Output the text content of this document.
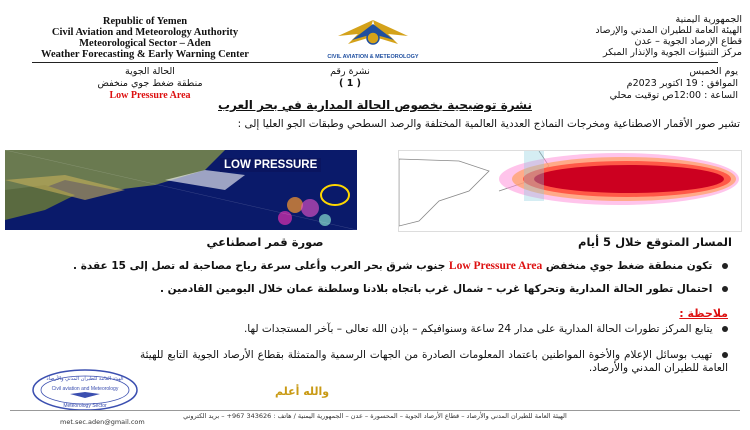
Republic of Yemen
Civil Aviation and Meteorology Authority
Meteorological Sector – Aden
Weather Forecasting & Early Warning Center	CIVIL AVIATION & METEOROLOGY
الجمهورية اليمنية
الهيئة العامة للطيران المدني والإرصاد
قطاع الإرصاد الجوية – عدن
مركز التنبؤات الجوية والإنذار المبكر
يوم الخميس
الموافق : 19 اكتوبر 2023م
الساعة : 12:00ص توقيت محلي
نشرة رقم
( 1 )
الحالة الجوية
منطقة ضغط جوي منخفض
Low Pressure Area
نشرة توضيحية بخصوص الحالة المدارية في بحر العرب
تشير صور الأقمار الاصطناعية ومخرجات النماذج العددية العالمية المختلفة والرصد السطحي وطبقات الجو العليا إلى :
LOW PRESSURE
صورة قمر اصطناعي	المسار المتوقع خلال 5 أيام
تكون منطقة ضغط جوي منخفض Low Pressure Area جنوب شرق بحر العرب وأعلى سرعة رياح مصاحبة له تصل إلى 15 عقدة .
احتمال تطور الحالة المدارية وتحركها غرب – شمال غرب باتجاه بلادنا وسلطنة عمان خلال اليومين القادمين .
ملاحظة :
يتابع المركز تطورات الحالة المدارية على مدار 24 ساعة وسنوافيكم – بإذن الله تعالى – بآخر المستجدات لها.
تهيب بوسائل الإعلام والأخوة المواطنين باعتماد المعلومات الصادرة من الجهات الرسمية والمتمثلة بقطاع الأرصاد الجوية التابع للهيئة العامة للطيران المدني والأرصاد.
الهيئة العامة للطيران المدني والأرصاد
Civil aviation and Meteorology
Meteorology Sector
والله أعلم
الهيئة العامة للطيران المدني والأرصاد – قطاع الأرصاد الجوية – المحسورة – عدن – الجمهورية اليمنية / هاتف : 343626 967+ – بريد الكتروني
met.sec.aden@gmail.com
